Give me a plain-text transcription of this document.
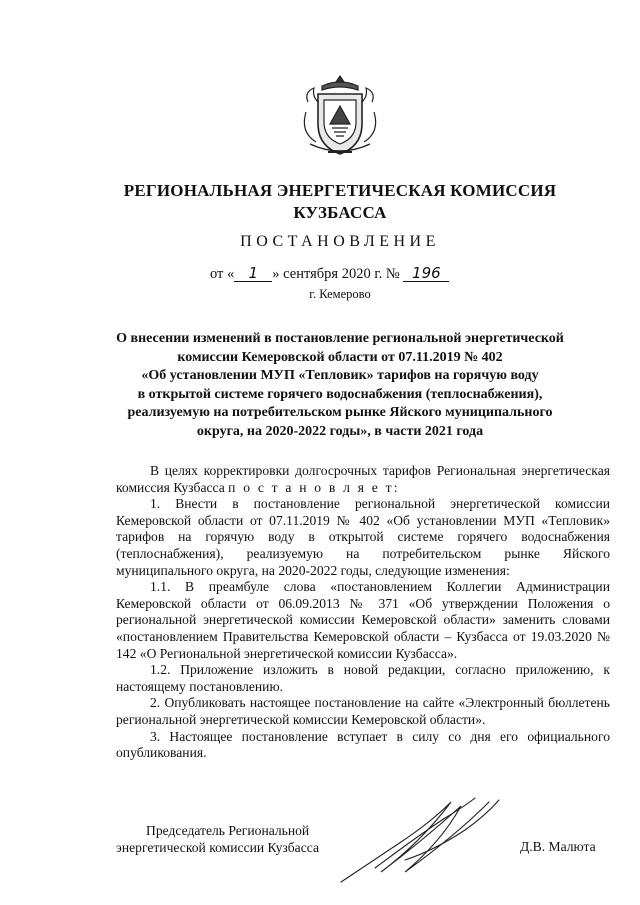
РЕГИОНАЛЬНАЯ ЭНЕРГЕТИЧЕСКАЯ КОМИССИЯ
КУЗБАССА
ПОСТАНОВЛЕНИЕ
от « 1 » сентября 2020 г. № 196
г. Кемерово
О внесении изменений в постановление региональной энергетической
комиссии Кемеровской области от 07.11.2019 № 402
«Об установлении МУП «Тепловик» тарифов на горячую воду
в открытой системе горячего водоснабжения (теплоснабжения),
реализуемую на потребительском рынке Яйского муниципального
округа, на 2020-2022 годы», в части 2021 года

В целях корректировки долгосрочных тарифов Региональная энергетическая комиссия Кузбасса п о с т а н о в л я е т:

1. Внести в постановление региональной энергетической комиссии Кемеровской области от 07.11.2019 № 402 «Об установлении МУП «Тепловик» тарифов на горячую воду в открытой системе горячего водоснабжения (теплоснабжения), реализуемую на потребительском рынке Яйского муниципального округа, на 2020-2022 годы, следующие изменения:

1.1. В преамбуле слова «постановлением Коллегии Администрации Кемеровской области от 06.09.2013 № 371 «Об утверждении Положения о региональной энергетической комиссии Кемеровской области» заменить словами «постановлением Правительства Кемеровской области – Кузбасса от 19.03.2020 № 142 «О Региональной энергетической комиссии Кузбасса».

1.2. Приложение изложить в новой редакции, согласно приложению, к настоящему постановлению.

2. Опубликовать настоящее постановление на сайте «Электронный бюллетень региональной энергетической комиссии Кемеровской области».

3. Настоящее постановление вступает в силу со дня его официального опубликования.

Председатель Региональной
энергетической комиссии Кузбасса	Д.В. Малюта
